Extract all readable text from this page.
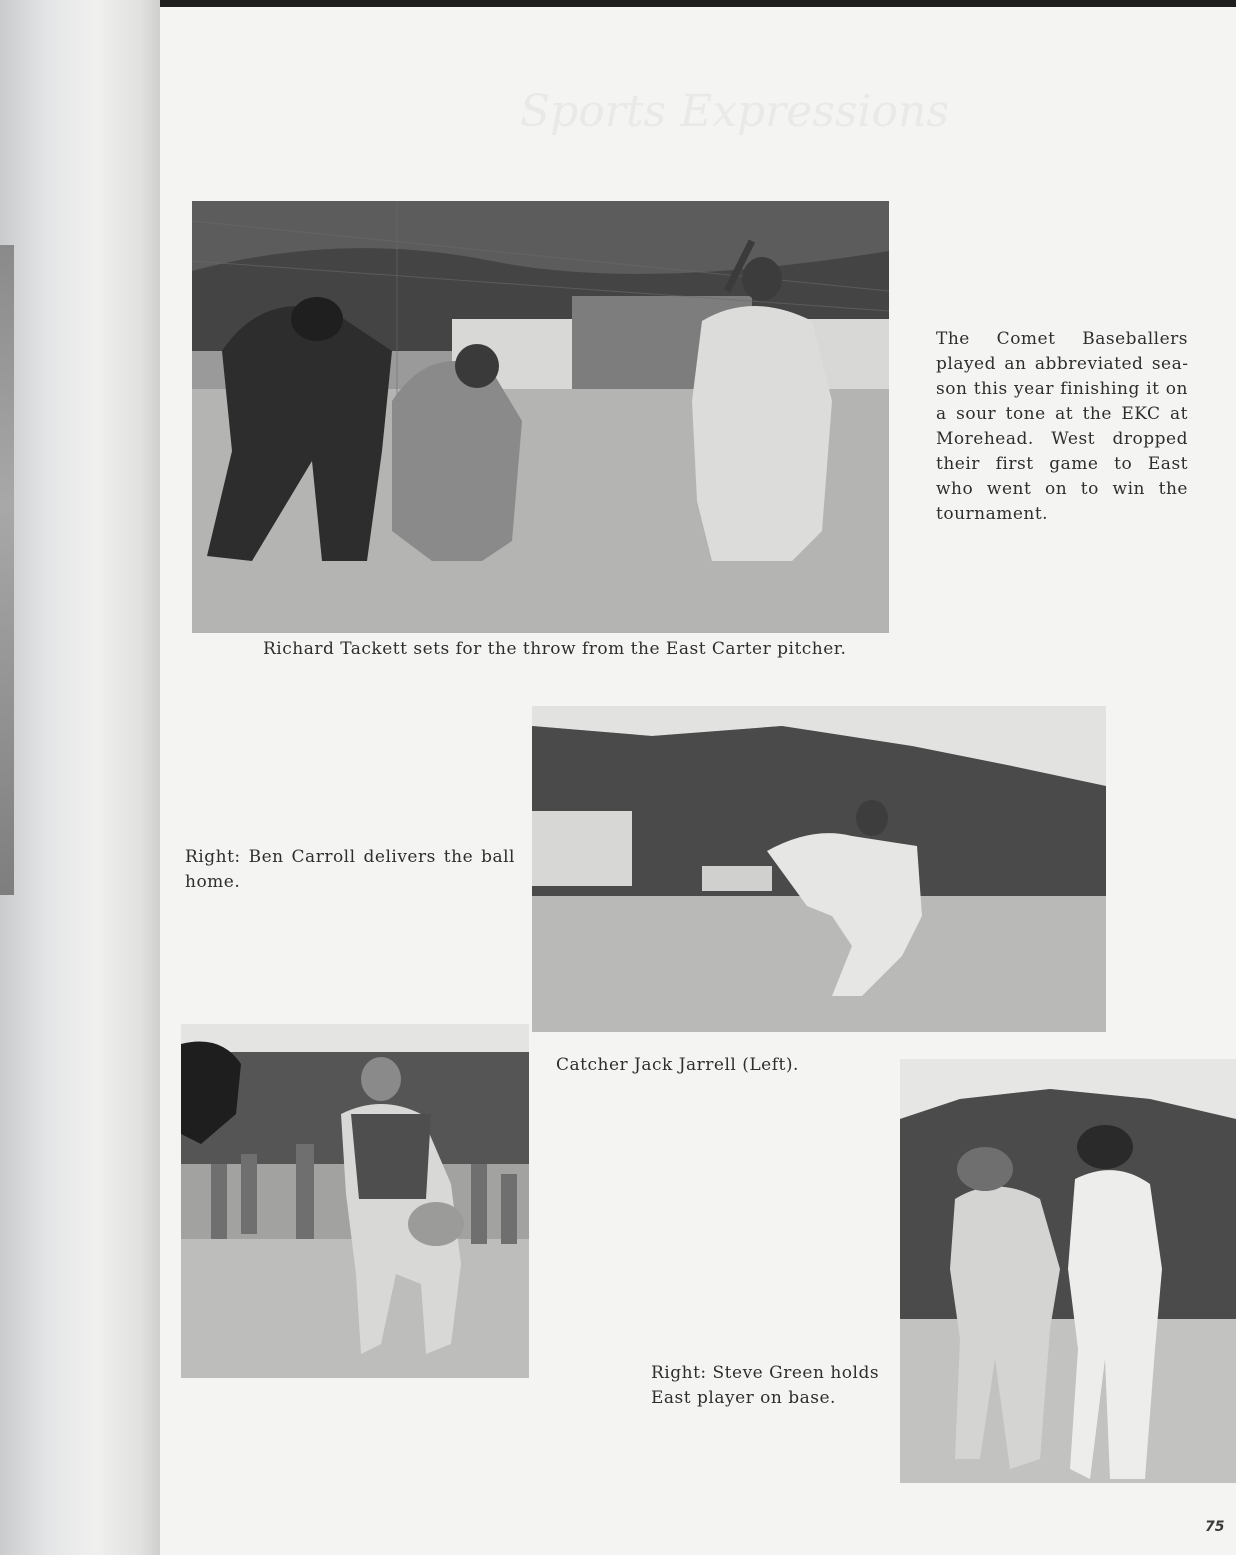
Sports Expressions
The Comet Baseballers played an abbreviated season this year finishing it on a sour tone at the EKC at Morehead. West dropped their first game to East who went on to win the tournament.
Richard Tackett sets for the throw from the East Carter pitcher.
Right: Ben Carroll delivers the ball home.
Catcher Jack Jarrell (Left).
Right: Steve Green holds East player on base.
75
